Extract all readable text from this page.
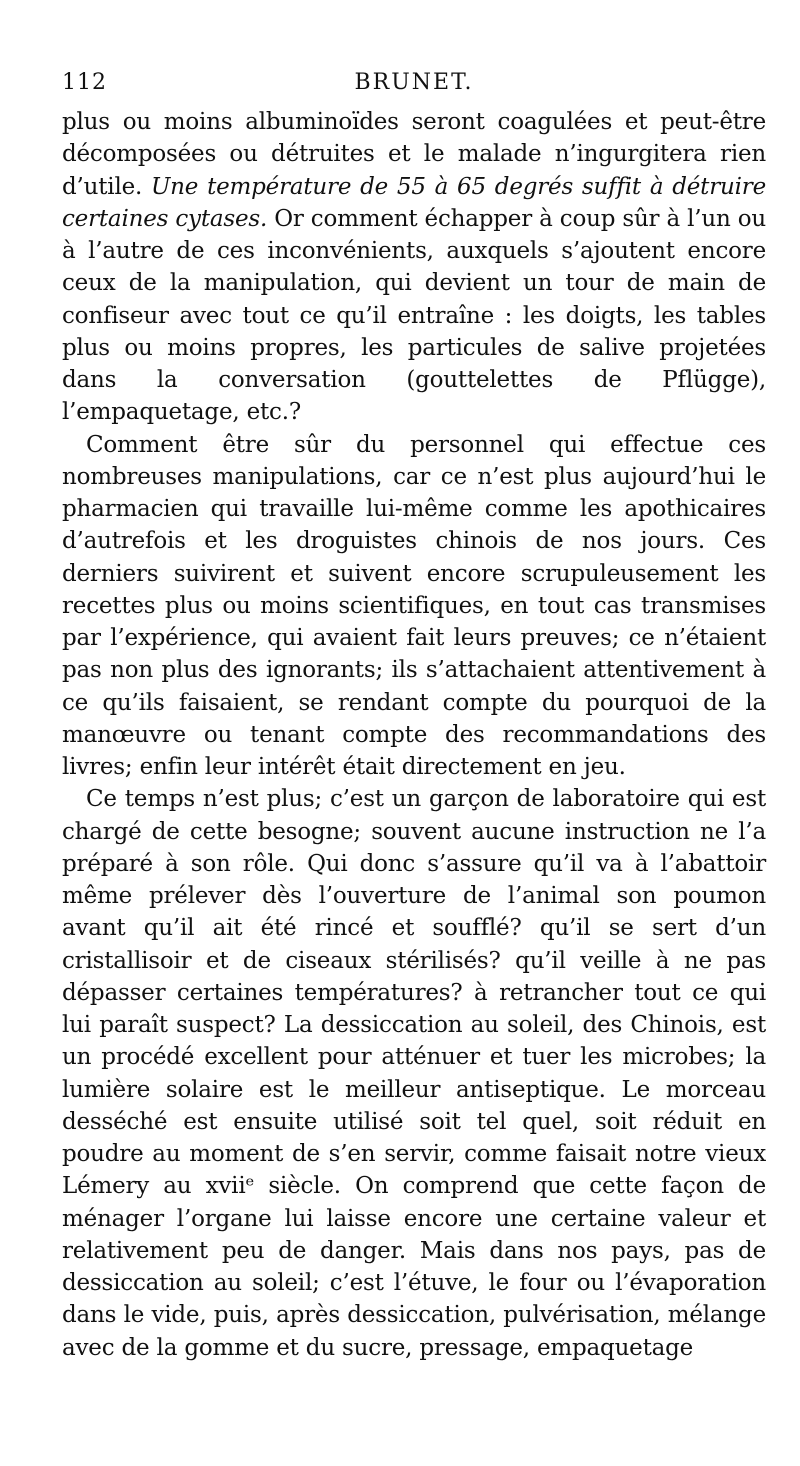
112	BRUNET.

plus ou moins albuminoïdes seront coagulées et peut-être décomposées ou détruites et le malade n’ingurgitera rien d’utile. Une température de 55 à 65 degrés suffit à détruire certaines cytases. Or comment échapper à coup sûr à l’un ou à l’autre de ces inconvénients, auxquels s’ajoutent encore ceux de la manipulation, qui devient un tour de main de confiseur avec tout ce qu’il entraîne : les doigts, les tables plus ou moins propres, les particules de salive projetées dans la conversation (gouttelettes de Pflügge), l’empaquetage, etc.?

Comment être sûr du personnel qui effectue ces nombreuses manipulations, car ce n’est plus aujourd’hui le pharmacien qui travaille lui-même comme les apothicaires d’autrefois et les droguistes chinois de nos jours. Ces derniers suivirent et suivent encore scrupuleusement les recettes plus ou moins scientifiques, en tout cas transmises par l’expérience, qui avaient fait leurs preuves; ce n’étaient pas non plus des ignorants; ils s’attachaient attentivement à ce qu’ils faisaient, se rendant compte du pourquoi de la manœuvre ou tenant compte des recommandations des livres; enfin leur intérêt était directement en jeu.

Ce temps n’est plus; c’est un garçon de laboratoire qui est chargé de cette besogne; souvent aucune instruction ne l’a préparé à son rôle. Qui donc s’assure qu’il va à l’abattoir même prélever dès l’ouverture de l’animal son poumon avant qu’il ait été rincé et soufflé? qu’il se sert d’un cristallisoir et de ciseaux stérilisés? qu’il veille à ne pas dépasser certaines températures? à retrancher tout ce qui lui paraît suspect? La dessiccation au soleil, des Chinois, est un procédé excellent pour atténuer et tuer les microbes; la lumière solaire est le meilleur antiseptique. Le morceau desséché est ensuite utilisé soit tel quel, soit réduit en poudre au moment de s’en servir, comme faisait notre vieux Lémery au xviiᵉ siècle. On comprend que cette façon de ménager l’organe lui laisse encore une certaine valeur et relativement peu de danger. Mais dans nos pays, pas de dessiccation au soleil; c’est l’étuve, le four ou l’évaporation dans le vide, puis, après dessiccation, pulvérisation, mélange avec de la gomme et du sucre, pressage, empaquetage
